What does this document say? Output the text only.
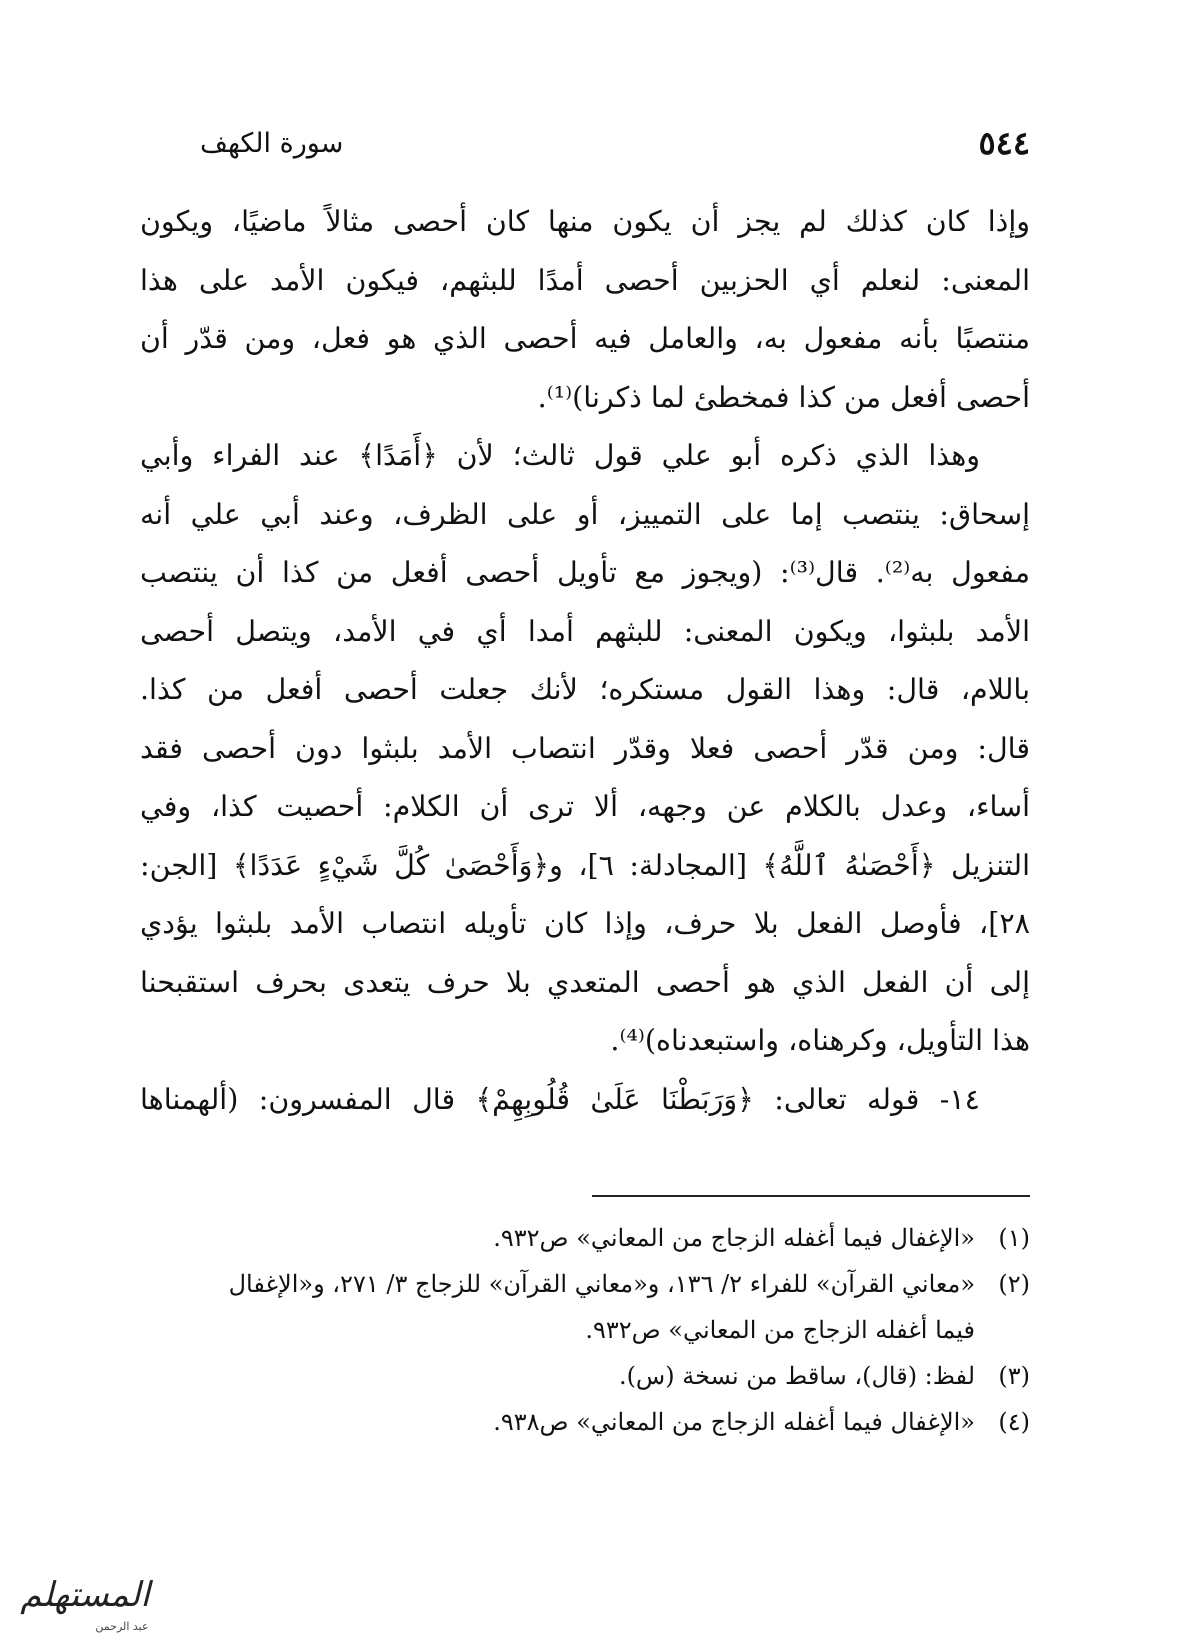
٥٤٤
سورة الكهف
وإذا كان كذلك لم يجز أن يكون منها كان أحصى مثالاً ماضيًا، ويكون
المعنى: لنعلم أي الحزبين أحصى أمدًا للبثهم، فيكون الأمد على هذا
منتصبًا بأنه مفعول به، والعامل فيه أحصى الذي هو فعل، ومن قدّر أن
أحصى أفعل من كذا فمخطئ لما ذكرنا)⁽¹⁾.
وهذا الذي ذكره أبو علي قول ثالث؛ لأن ﴿أَمَدًا﴾ عند الفراء وأبي
إسحاق: ينتصب إما على التمييز، أو على الظرف، وعند أبي علي أنه
مفعول به⁽²⁾. قال⁽³⁾: (ويجوز مع تأويل أحصى أفعل من كذا أن ينتصب
الأمد بلبثوا، ويكون المعنى: للبثهم أمدا أي في الأمد، ويتصل أحصى
باللام، قال: وهذا القول مستكره؛ لأنك جعلت أحصى أفعل من كذا.
قال: ومن قدّر أحصى فعلا وقدّر انتصاب الأمد بلبثوا دون أحصى فقد
أساء، وعدل بالكلام عن وجهه، ألا ترى أن الكلام: أحصيت كذا، وفي
التنزيل ﴿أَحْصَىٰهُ ٱللَّهُ﴾ [المجادلة: ٦]، و﴿وَأَحْصَىٰ كُلَّ شَيْءٍ عَدَدًا﴾ [الجن:
٢٨]، فأوصل الفعل بلا حرف، وإذا كان تأويله انتصاب الأمد بلبثوا يؤدي
إلى أن الفعل الذي هو أحصى المتعدي بلا حرف يتعدى بحرف استقبحنا
هذا التأويل، وكرهناه، واستبعدناه)⁽⁴⁾.
١٤- قوله تعالى: ﴿وَرَبَطْنَا عَلَىٰ قُلُوبِهِمْ﴾ قال المفسرون: (ألهمناها
(١)«الإغفال فيما أغفله الزجاج من المعاني» ص٩٣٢.
(٢)«معاني القرآن» للفراء ٢/ ١٣٦، و«معاني القرآن» للزجاج ٣/ ٢٧١، و«الإغفال
فيما أغفله الزجاج من المعاني» ص٩٣٢.
(٣)لفظ: (قال)، ساقط من نسخة (س).
(٤)«الإغفال فيما أغفله الزجاج من المعاني» ص٩٣٨.
المستهلم
عبد الرحمن
